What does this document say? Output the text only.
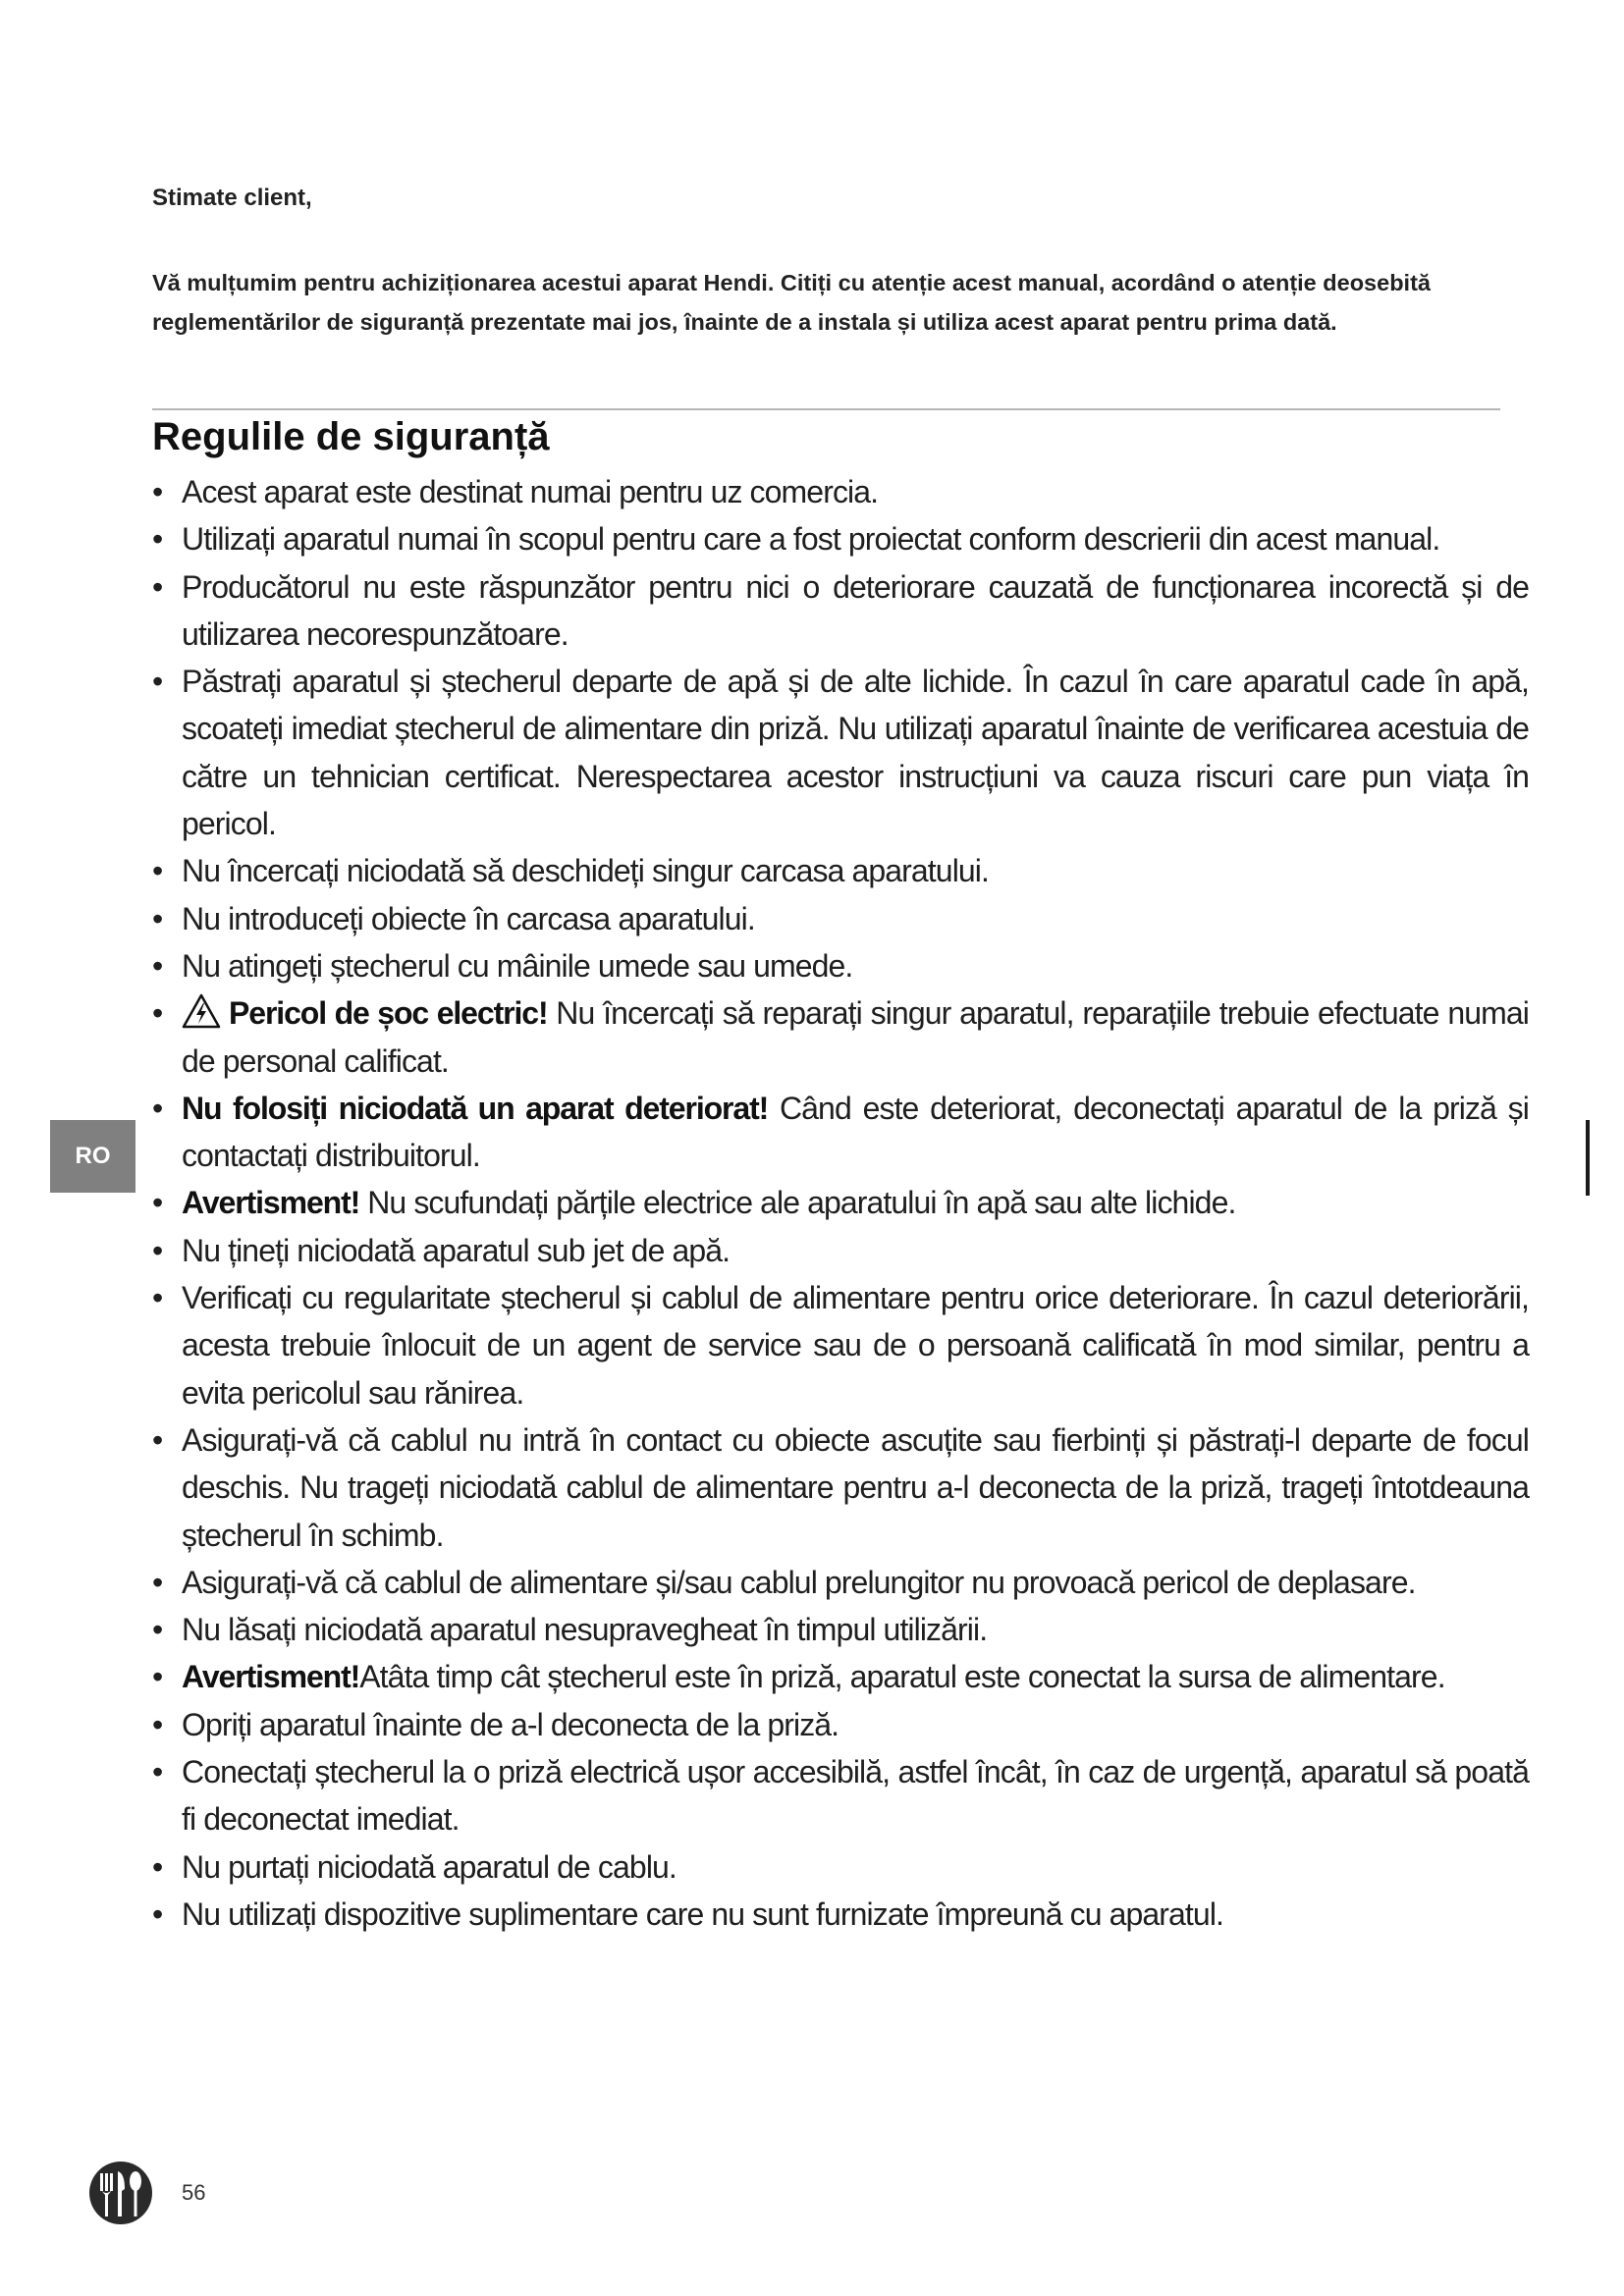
Stimate client,
Vă mulțumim pentru achiziționarea acestui aparat Hendi. Citiți cu atenție acest manual, acordând o atenție deosebită reglementărilor de siguranță prezentate mai jos, înainte de a instala și utiliza acest aparat pentru prima dată.
Regulile de siguranță
• Acest aparat este destinat numai pentru uz comercia.
• Utilizați aparatul numai în scopul pentru care a fost proiectat conform descrierii din acest manual.
• Producătorul nu este răspunzător pentru nici o deteriorare cauzată de funcționarea incorectă și de utilizarea necorespunzătoare.
• Păstrați aparatul și ștecherul departe de apă și de alte lichide. În cazul în care aparatul cade în apă, scoateți imediat ștecherul de alimentare din priză. Nu utilizați aparatul înainte de verificarea acestuia de către un tehnician certificat. Nerespectarea acestor instrucțiuni va cauza riscuri care pun viața în pericol.
• Nu încercați niciodată să deschideți singur carcasa aparatului.
• Nu introduceți obiecte în carcasa aparatului.
• Nu atingeți ștecherul cu mâinile umede sau umede.
• Pericol de șoc electric! Nu încercați să reparați singur aparatul, reparațiile trebuie efectuate numai de personal calificat.
• Nu folosiți niciodată un aparat deteriorat! Când este deteriorat, deconectați aparatul de la priză și contactați distribuitorul.
• Avertisment! Nu scufundați părțile electrice ale aparatului în apă sau alte lichide.
• Nu țineți niciodată aparatul sub jet de apă.
• Verificați cu regularitate ștecherul și cablul de alimentare pentru orice deteriorare. În cazul deteriorării, acesta trebuie înlocuit de un agent de service sau de o persoană calificată în mod similar, pentru a evita pericolul sau rănirea.
• Asigurați-vă că cablul nu intră în contact cu obiecte ascuțite sau fierbinți și păstrați-l departe de focul deschis. Nu trageți niciodată cablul de alimentare pentru a-l deconecta de la priză, trageți întotdeauna ștecherul în schimb.
• Asigurați-vă că cablul de alimentare și/sau cablul prelungitor nu provoacă pericol de deplasare.
• Nu lăsați niciodată aparatul nesupravegheat în timpul utilizării.
• Avertisment!Atâta timp cât ștecherul este în priză, aparatul este conectat la sursa de alimentare.
• Opriți aparatul înainte de a-l deconecta de la priză.
• Conectați ștecherul la o priză electrică ușor accesibilă, astfel încât, în caz de urgență, aparatul să poată fi deconectat imediat.
• Nu purtați niciodată aparatul de cablu.
• Nu utilizați dispozitive suplimentare care nu sunt furnizate împreună cu aparatul.
RO
56
